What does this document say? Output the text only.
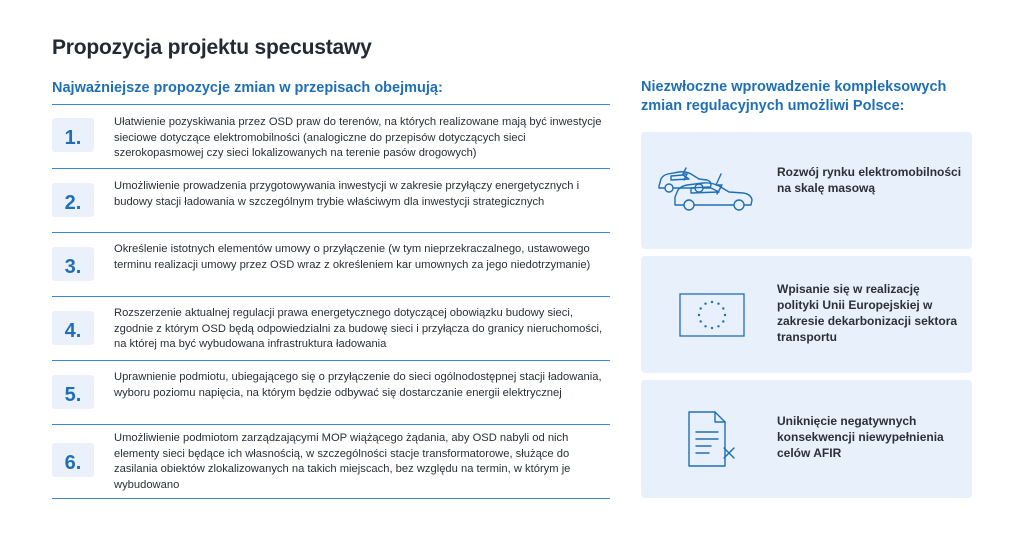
Propozycja projektu specustawy
Najważniejsze propozycje zmian w przepisach obejmują:
1.
Ułatwienie pozyskiwania przez OSD praw do terenów, na których realizowane mają być inwestycje sieciowe dotyczące elektromobilności (analogiczne do przepisów dotyczących sieci szerokopasmowej czy sieci lokalizowanych na terenie pasów drogowych)
2.
Umożliwienie prowadzenia przygotowywania inwestycji w zakresie przyłączy energetycznych i budowy stacji ładowania w szczególnym trybie właściwym dla inwestycji strategicznych
3.
Określenie istotnych elementów umowy o przyłączenie (w tym nieprzekraczalnego, ustawowego terminu realizacji umowy przez OSD wraz z określeniem kar umownych za jego niedotrzymanie)
4.
Rozszerzenie aktualnej regulacji prawa energetycznego dotyczącej obowiązku budowy sieci, zgodnie z którym OSD będą odpowiedzialni za budowę sieci i przyłącza do granicy nieruchomości, na której ma być wybudowana infrastruktura ładowania
5.
Uprawnienie podmiotu, ubiegającego się o przyłączenie do sieci ogólnodostępnej stacji ładowania, wyboru poziomu napięcia, na którym będzie odbywać się dostarczanie energii elektrycznej
6.
Umożliwienie podmiotom zarządzającymi MOP wiążącego żądania, aby OSD nabyli od nich elementy sieci będące ich własnością, w szczególności stacje transformatorowe, służące do zasilania obiektów zlokalizowanych na takich miejscach, bez względu na termin, w którym je wybudowano
Niezwłoczne wprowadzenie kompleksowych zmian regulacyjnych umożliwi Polsce:
Rozwój rynku elektromobilności na skalę masową
Wpisanie się w realizację polityki Unii Europejskiej w zakresie dekarbonizacji sektora transportu
Uniknięcie negatywnych konsekwencji niewypełnienia celów AFIR
